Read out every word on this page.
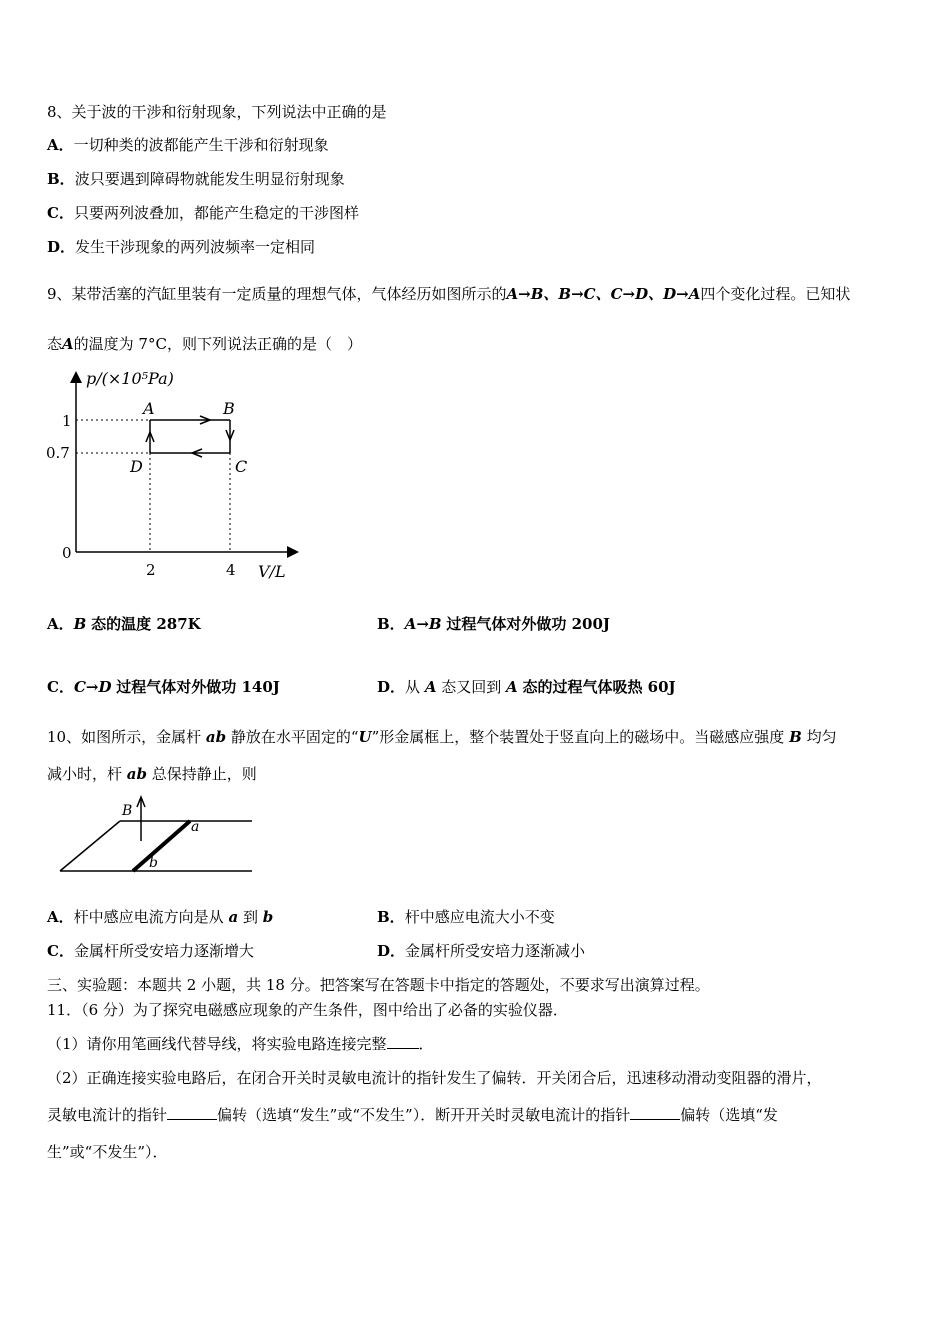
8、关于波的干涉和衍射现象，下列说法中正确的是
A．一切种类的波都能产生干涉和衍射现象
B．波只要遇到障碍物就能发生明显衍射现象
C．只要两列波叠加，都能产生稳定的干涉图样
D．发生干涉现象的两列波频率一定相同
9、某带活塞的汽缸里装有一定质量的理想气体，气体经历如图所示的A→B、B→C、C→D、D→A四个变化过程。已知状
态A的温度为 7°C，则下列说法正确的是（　）
p/(×10⁵Pa)
V/L
0
1
0.7
2	4
A	B
C
D
A．B 态的温度 287K	B．A→B 过程气体对外做功 200J
C．C→D 过程气体对外做功 140J	D．从 A 态又回到 A 态的过程气体吸热 60J
10、如图所示，金属杆 ab 静放在水平固定的“U”形金属框上，整个装置处于竖直向上的磁场中。当磁感应强度 B 均匀
减小时，杆 ab 总保持静止，则
B
a
b
A．杆中感应电流方向是从 a 到 b	B．杆中感应电流大小不变
C．金属杆所受安培力逐渐增大	D．金属杆所受安培力逐渐减小
三、实验题：本题共 2 小题，共 18 分。把答案写在答题卡中指定的答题处，不要求写出演算过程。
11．（6 分）为了探究电磁感应现象的产生条件，图中给出了必备的实验仪器．
（1）请你用笔画线代替导线，将实验电路连接完整 ．
（2）正确连接实验电路后，在闭合开关时灵敏电流计的指针发生了偏转．开关闭合后，迅速移动滑动变阻器的滑片，
灵敏电流计的指针	偏转（选填“发生”或“不发生”）．断开开关时灵敏电流计的指针	偏转（选填“发
生”或“不发生”）．
